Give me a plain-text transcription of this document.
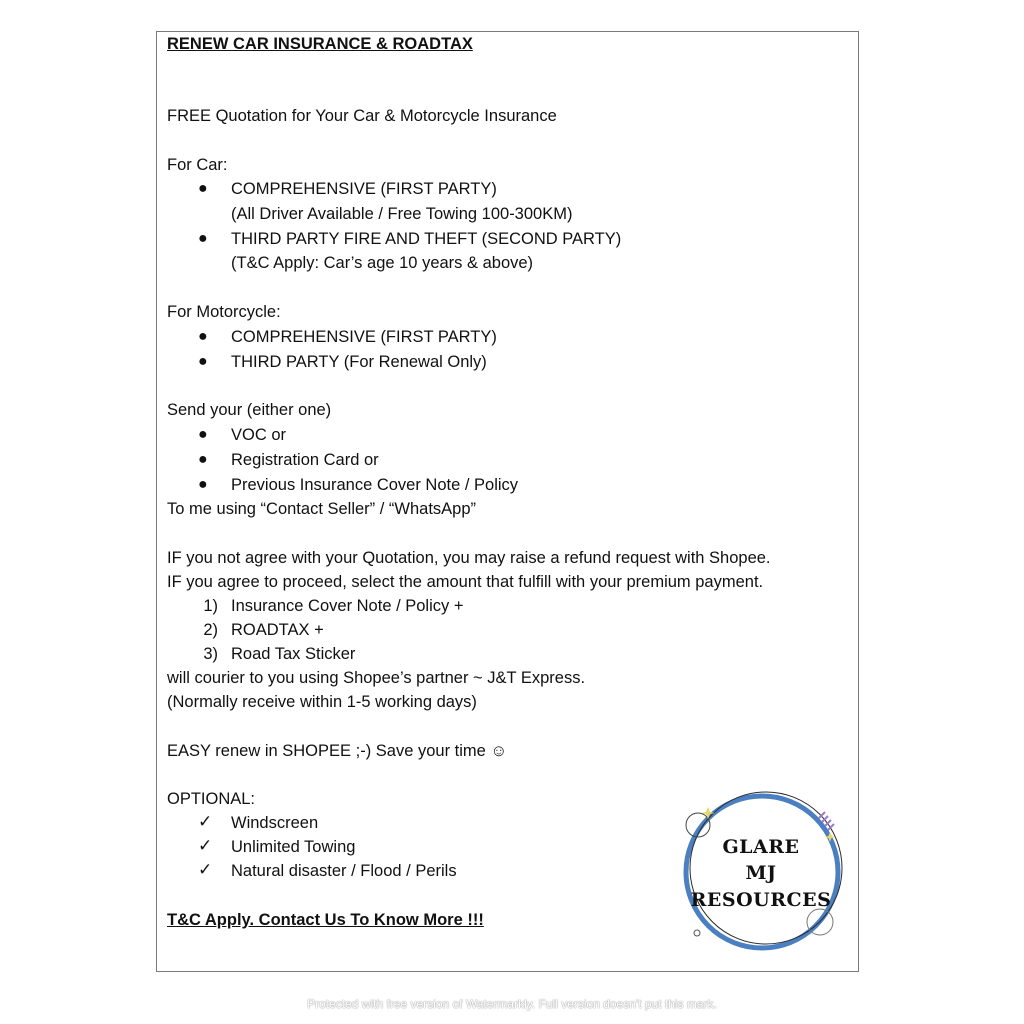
RENEW CAR INSURANCE & ROADTAX
FREE Quotation for Your Car & Motorcycle Insurance
For Car:
● COMPREHENSIVE (FIRST PARTY)
(All Driver Available / Free Towing 100-300KM)
● THIRD PARTY FIRE AND THEFT (SECOND PARTY)
(T&C Apply: Car’s age 10 years & above)
For Motorcycle:
● COMPREHENSIVE (FIRST PARTY)
● THIRD PARTY (For Renewal Only)
Send your (either one)
● VOC or
● Registration Card or
● Previous Insurance Cover Note / Policy
To me using “Contact Seller” / “WhatsApp”
IF you not agree with your Quotation, you may raise a refund request with Shopee.
IF you agree to proceed, select the amount that fulfill with your premium payment.
1) Insurance Cover Note / Policy +
2) ROADTAX +
3) Road Tax Sticker
will courier to you using Shopee’s partner ~ J&T Express.
(Normally receive within 1-5 working days)
EASY renew in SHOPEE ;-) Save your time ☺
OPTIONAL:
✓ Windscreen
✓ Unlimited Towing
✓ Natural disaster / Flood / Perils
T&C Apply. Contact Us To Know More !!!
GLARE
MJ
RESOURCES
Protected with free version of Watermarkly. Full version doesn't put this mark.
